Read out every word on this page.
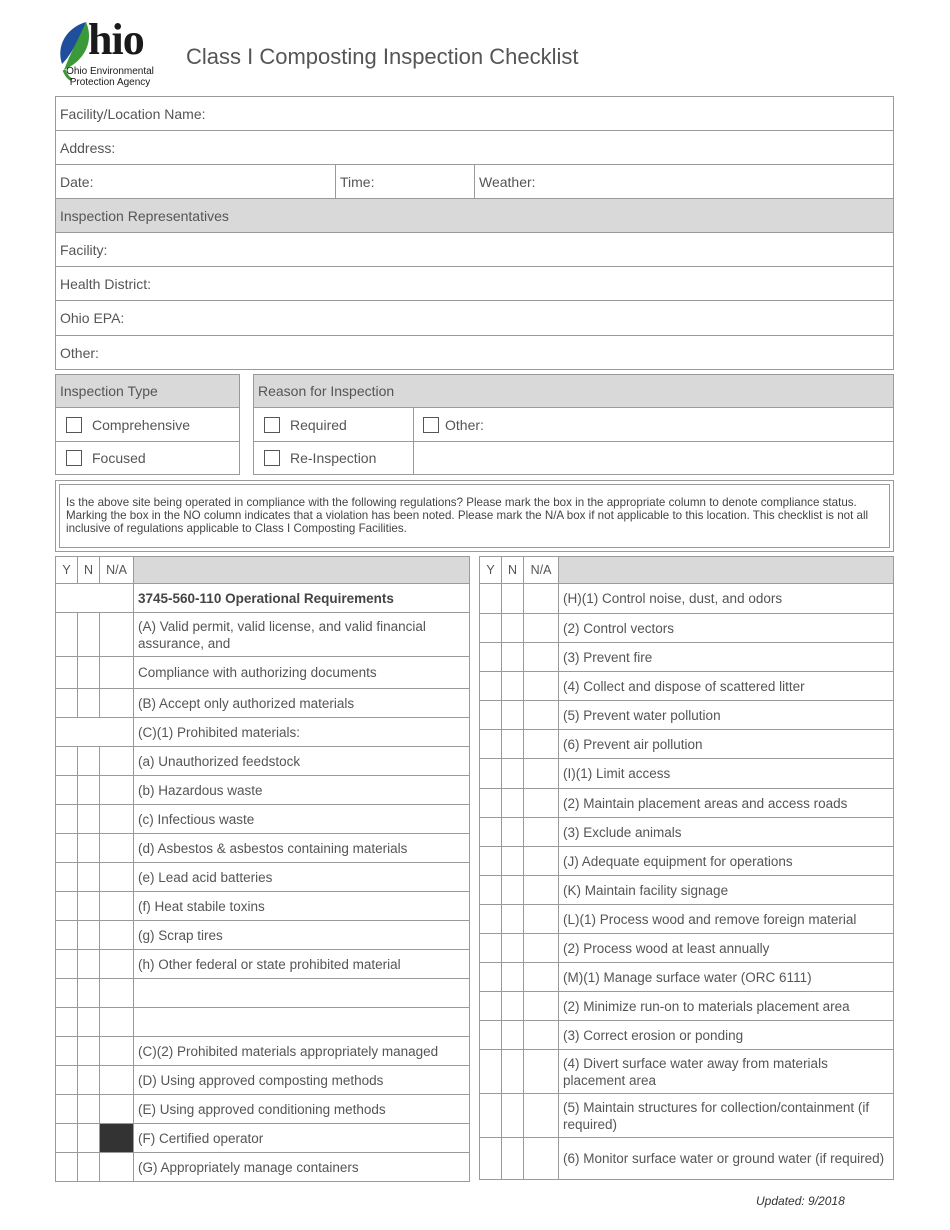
hio
Ohio Environmental Protection Agency
Class I Composting Inspection Checklist
Facility/Location Name:
Address:
Date:	Time:	Weather:
Inspection Representatives
Facility:
Health District:
Ohio EPA:
Other:
Inspection Type
Comprehensive
Focused
Reason for Inspection
Required	Other:
Re-Inspection
Is the above site being operated in compliance with the following regulations? Please mark the box in the appropriate column to denote compliance status. Marking the box in the NO column indicates that a violation has been noted. Please mark the N/A box if not applicable to this location. This checklist is not all inclusive of regulations applicable to Class I Composting Facilities.
Y	N	N/A	
			3745-560-110 Operational Requirements
			(A) Valid permit, valid license, and valid financial assurance, and
			Compliance with authorizing documents
			(B) Accept only authorized materials
			(C)(1) Prohibited materials:
			(a) Unauthorized feedstock
			(b) Hazardous waste
			(c) Infectious waste
			(d) Asbestos & asbestos containing materials
			(e) Lead acid batteries
			(f) Heat stabile toxins
			(g) Scrap tires
			(h) Other federal or state prohibited material

			(C)(2) Prohibited materials appropriately managed
			(D) Using approved composting methods
			(E) Using approved conditioning methods
			(F) Certified operator
			(G) Appropriately manage containers
Y	N	N/A	
			(H)(1) Control noise, dust, and odors
			(2) Control vectors
			(3) Prevent fire
			(4) Collect and dispose of scattered litter
			(5) Prevent water pollution
			(6) Prevent air pollution
			(I)(1) Limit access
			(2) Maintain placement areas and access roads
			(3) Exclude animals
			(J) Adequate equipment for operations
			(K) Maintain facility signage
			(L)(1) Process wood and remove foreign material
			(2) Process wood at least annually
			(M)(1) Manage surface water (ORC 6111)
			(2) Minimize run-on to materials placement area
			(3) Correct erosion or ponding
			(4) Divert surface water away from materials placement area
			(5) Maintain structures for collection/containment (if required)
			(6) Monitor surface water or ground water (if required)
Updated: 9/2018
